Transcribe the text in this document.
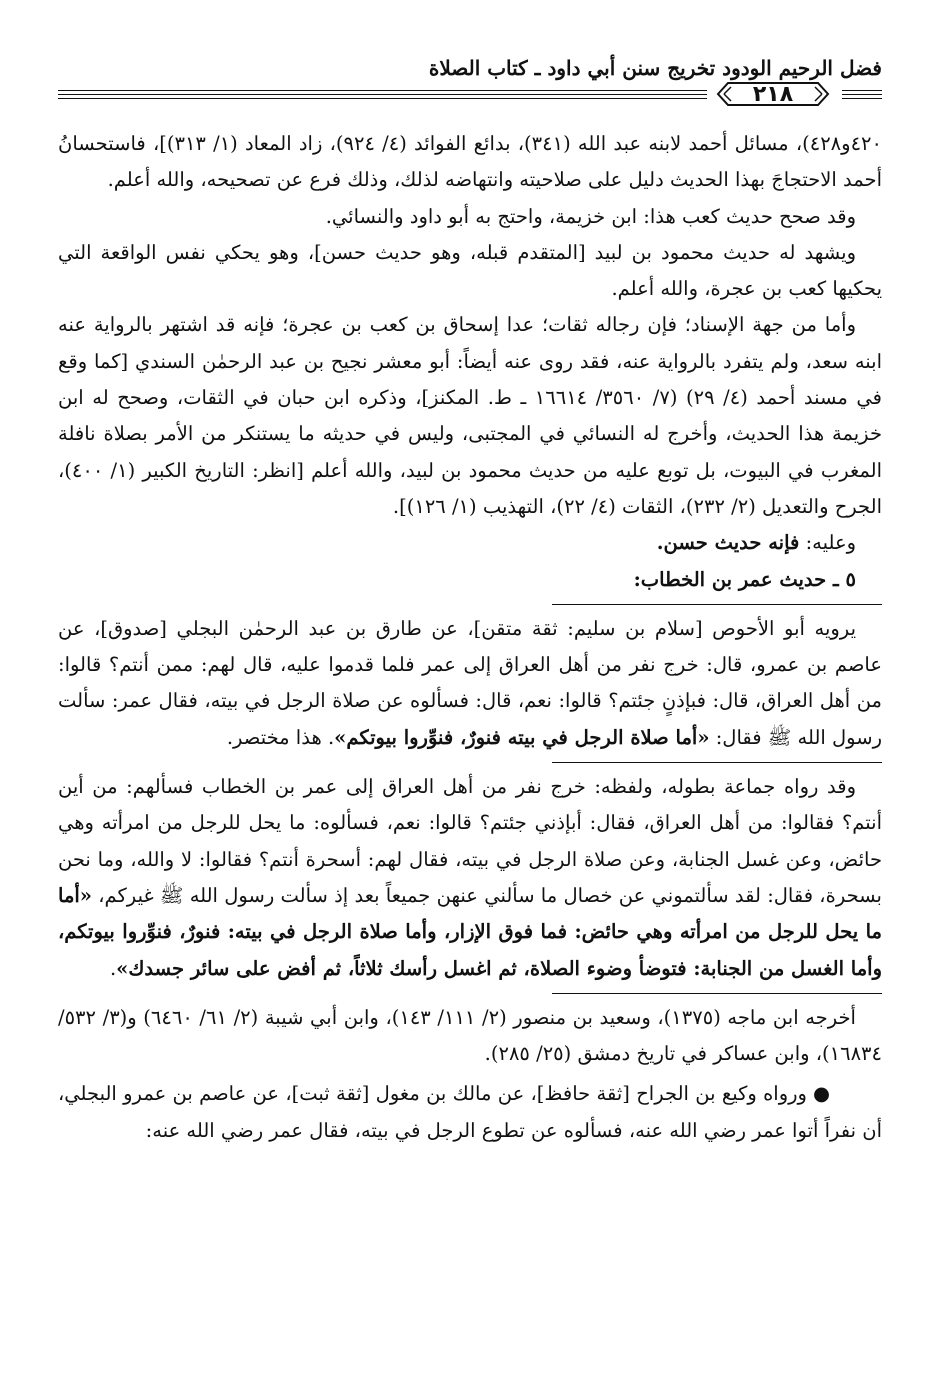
فضل الرحيم الودود تخريج سنن أبي داود ـ كتاب الصلاة
٢١٨

٤٢٠و٤٢٨)، مسائل أحمد لابنه عبد الله (٣٤١)، بدائع الفوائد (٤/ ٩٢٤)، زاد المعاد (١/ ٣١٣)]، فاستحسانُ أحمد الاحتجاجَ بهذا الحديث دليل على صلاحيته وانتهاضه لذلك، وذلك فرع عن تصحيحه، والله أعلم.

وقد صحح حديث كعب هذا: ابن خزيمة، واحتج به أبو داود والنسائي.

ويشهد له حديث محمود بن لبيد [المتقدم قبله، وهو حديث حسن]، وهو يحكي نفس الواقعة التي يحكيها كعب بن عجرة، والله أعلم.

وأما من جهة الإسناد؛ فإن رجاله ثقات؛ عدا إسحاق بن كعب بن عجرة؛ فإنه قد اشتهر بالرواية عنه ابنه سعد، ولم يتفرد بالرواية عنه، فقد روى عنه أيضاً: أبو معشر نجيح بن عبد الرحمٰن السندي [كما وقع في مسند أحمد (٤/ ٢٩) (٧/ ٣٥٦٠/ ١٦٦١٤ ـ ط. المكنز]، وذكره ابن حبان في الثقات، وصحح له ابن خزيمة هذا الحديث، وأخرج له النسائي في المجتبى، وليس في حديثه ما يستنكر من الأمر بصلاة نافلة المغرب في البيوت، بل توبع عليه من حديث محمود بن لبيد، والله أعلم [انظر: التاريخ الكبير (١/ ٤٠٠)، الجرح والتعديل (٢/ ٢٣٢)، الثقات (٤/ ٢٢)، التهذيب (١/ ١٢٦)].

وعليه: فإنه حديث حسن.

٥ ـ حديث عمر بن الخطاب:

يرويه أبو الأحوص [سلام بن سليم: ثقة متقن]، عن طارق بن عبد الرحمٰن البجلي [صدوق]، عن عاصم بن عمرو، قال: خرج نفر من أهل العراق إلى عمر فلما قدموا عليه، قال لهم: ممن أنتم؟ قالوا: من أهل العراق، قال: فبإذنٍ جئتم؟ قالوا: نعم، قال: فسألوه عن صلاة الرجل في بيته، فقال عمر: سألت رسول الله ﷺ فقال: «أما صلاة الرجل في بيته فنورٌ، فنوِّروا بيوتكم». هذا مختصر.

وقد رواه جماعة بطوله، ولفظه: خرج نفر من أهل العراق إلى عمر بن الخطاب فسألهم: من أين أنتم؟ فقالوا: من أهل العراق، فقال: أبإذني جئتم؟ قالوا: نعم، فسألوه: ما يحل للرجل من امرأته وهي حائض، وعن غسل الجنابة، وعن صلاة الرجل في بيته، فقال لهم: أسحرة أنتم؟ فقالوا: لا والله، وما نحن بسحرة، فقال: لقد سألتموني عن خصال ما سألني عنهن جميعاً بعد إذ سألت رسول الله ﷺ غيركم، «أما ما يحل للرجل من امرأته وهي حائض: فما فوق الإزار، وأما صلاة الرجل في بيته: فنورٌ، فنوِّروا بيوتكم، وأما الغسل من الجنابة: فتوضأ وضوء الصلاة، ثم اغسل رأسك ثلاثاً، ثم أفض على سائر جسدك».

أخرجه ابن ماجه (١٣٧٥)، وسعيد بن منصور (٢/ ١١١/ ١٤٣)، وابن أبي شيبة (٢/ ٦١/ ٦٤٦٠) و(٣/ ٥٣٢/ ١٦٨٣٤)، وابن عساكر في تاريخ دمشق (٢٥/ ٢٨٥).

●ورواه وكيع بن الجراح [ثقة حافظ]، عن مالك بن مغول [ثقة ثبت]، عن عاصم بن عمرو البجلي، أن نفراً أتوا عمر رضي الله عنه، فسألوه عن تطوع الرجل في بيته، فقال عمر رضي الله عنه:
